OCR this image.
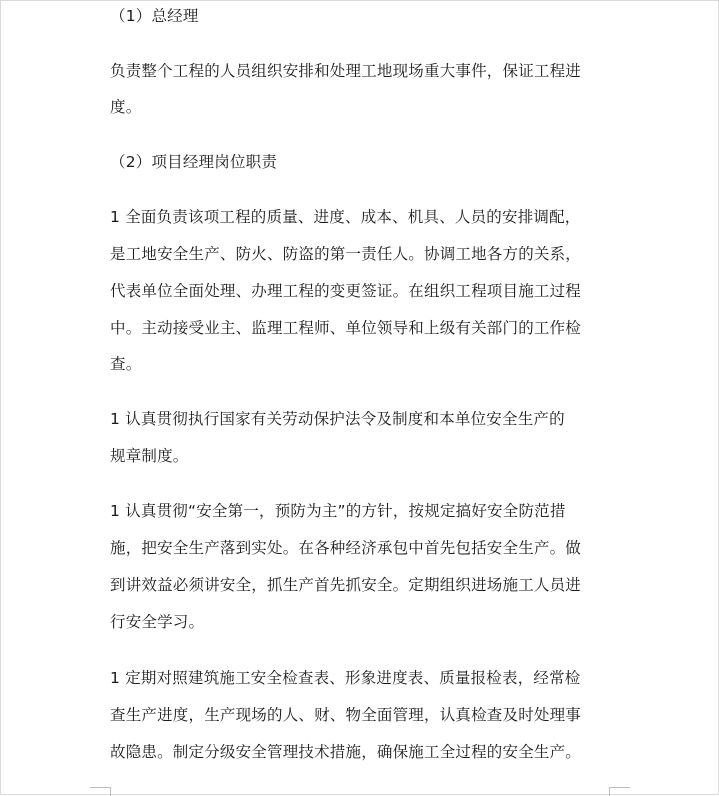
（1）总经理
负责整个工程的人员组织安排和处理工地现场重大事件，保证工程进
度。
（2）项目经理岗位职责
1 全面负责该项工程的质量、进度、成本、机具、人员的安排调配，
是工地安全生产、防火、防盗的第一责任人。协调工地各方的关系，
代表单位全面处理、办理工程的变更签证。在组织工程项目施工过程
中。主动接受业主、监理工程师、单位领导和上级有关部门的工作检
查。
1 认真贯彻执行国家有关劳动保护法令及制度和本单位安全生产的
规章制度。
1 认真贯彻“安全第一，预防为主”的方针，按规定搞好安全防范措
施，把安全生产落到实处。在各种经济承包中首先包括安全生产。做
到讲效益必须讲安全，抓生产首先抓安全。定期组织进场施工人员进
行安全学习。
1 定期对照建筑施工安全检查表、形象进度表、质量报检表，经常检
查生产进度，生产现场的人、财、物全面管理，认真检查及时处理事
故隐患。制定分级安全管理技术措施，确保施工全过程的安全生产。
